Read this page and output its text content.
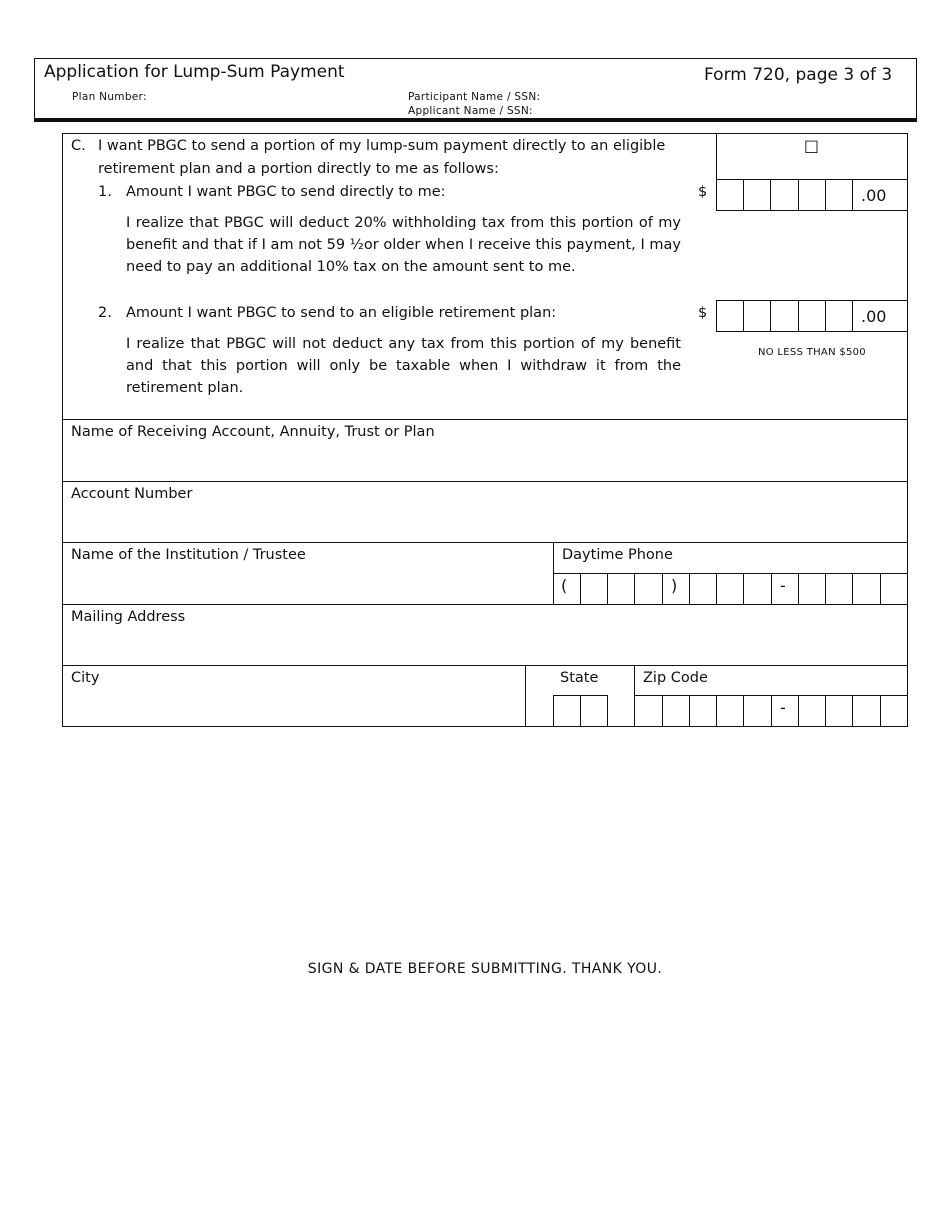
Application for Lump-Sum Payment	Form 720, page 3 of 3
Plan Number:	Participant Name / SSN:
Applicant Name / SSN:
C. I want PBGC to send a portion of my lump-sum payment directly to an eligible
retirement plan and a portion directly to me as follows:
☐
1. Amount I want PBGC to send directly to me:
I realize that PBGC will deduct 20% withholding tax from this portion of my benefit and that if I am not 59 ½or older when I receive this payment, I may need to pay an additional 10% tax on the amount sent to me.
$	.00
2. Amount I want PBGC to send to an eligible retirement plan:
I realize that PBGC will not deduct any tax from this portion of my benefit and that this portion will only be taxable when I withdraw it from the retirement plan.
$	.00
NO LESS THAN $500
Name of Receiving Account, Annuity, Trust or Plan
Account Number
Name of the Institution / Trustee	Daytime Phone
(	)	-
Mailing Address
City	State	Zip Code
-
SIGN & DATE BEFORE SUBMITTING. THANK YOU.
